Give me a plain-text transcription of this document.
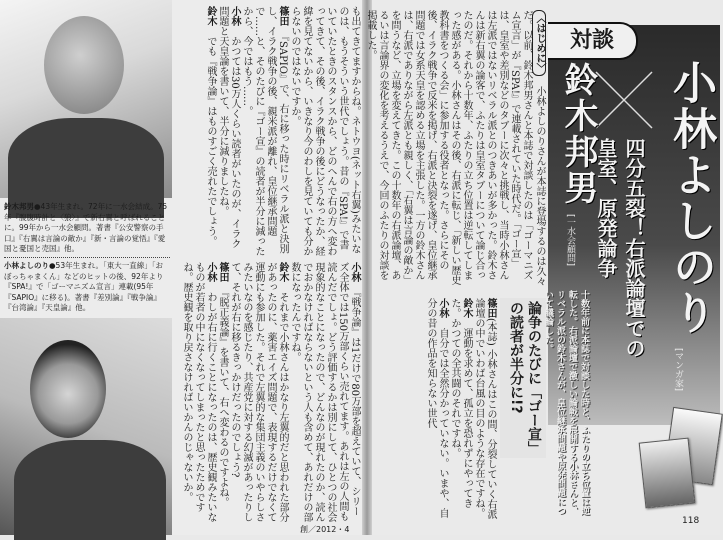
鈴木邦男●43年生まれ。72年に一水会結成。75年『腹腹時計と〈狼〉』で新右翼と呼ばれることに。99年から一水会顧問。著書『公安警察の手口』『右翼は言論の敵か』『新・言論の覚悟』『愛国と憂国と売国』他。
小林よしのり●53年生まれ。「東大一直線」「おぼっちゃまくん」などのヒットの後、92年より『SPA!』で「ゴーマニズム宣言」連載(95年『SAPIO』に移る)。著書『差別論』『戦争論』『台湾論』『天皇論』他。

も出てきてますからね。ネトウヨ(ネット右翼)みたいなのは、もうそういう世代でしょう。昔の『SPA!』で書いていたときのスタンスから、どのへんで右の方へ変わってきて、その後、イラク戦争の後にどうなったか、経緯を見てないから、いきなり今のわしを見ていても分からないのではないですか。

篠田　『SAPIO』で、右に移った時にリベラル派と決別し、イラク戦争の後、親米派が離れ、皇位継承問題で……と、そのたびに『ゴー宣』の読者が半分に減ったから、今ではもう……。

小林　かつては30万人くらい読者がいたのが、イラク問題と天皇論を書いて、半分に減りましたね。

鈴木　でも『戦争論』はものすごく売れたでしょう。

小林　『戦争論』は1だけで80万部を超えていて、シリーズ全体では150万部くらい売れてます。あれは左の人間も読んだでしょ。どう評価するかは別にして、ひとつの社会現象的なことになったので、どんなのが現れたのか、読んでおかなければならないという人も含めて、あれだけの部数になったんですね。

鈴木　それまで小林さんはかなり左翼的だと思われた部分があったのに、薬害エイズ問題で、表現するだけでなくて運動にも参加した。それで左翼的な集団主義のいやらしさみたいなのを感じたり、共産党に対する幻滅があったりして、それが右に移るきっかけだったのでしょう?

篠田　『脱正義論』を書いて、右へ変わるのですよね。

小林　わしが右に行くことになったのは、歴史観みたいなものが若者の中になくなってしまったと思ったためですね。歴史観を取り戻さなければいかんのじゃないか。

創／2012・4

〈はじめに〉　小林よしのりさんが本誌に登場するのは久々だ。以前、鈴木邦男さんと本誌で対談したのは「ゴーマニズム宣言」が『SPA!』で連載されていた時代だ。「ゴー宣」は、皇室や差別などのタブーに次々と挑戦し、当時小林さんは左派ではないリベラル派とのつきあいが多かった。鈴木さんは新右翼の論客で、ふたりは皇室タブーについて論じ合ったのだ。それから十数年、ふたりの立ち位置は逆転してしまった感がある。小林さんはその後、右派に転じ、「新しい歴史教科書をつくる会」に参加する役者となった。さらにその後、イラク戦争で反米を掲げ、右派と決裂を遂げ、皇位継承問題では女系天皇を認める立場を主張した。一方の鈴木さんは、右派でありながら左派とも親しく、「右翼は言論の敵か」を問うなど、立場を変えてきた。この十数年の右派論壇、あるいは言論界の変化を考えるうえで、今回のふたりの対談を掲載した。

論争のたびに「ゴー宣」の読者が半分に!?

篠田(本誌) 小林さんはこの間、分裂していく右派論壇の中でいわば台風の目のような存在ですね。

鈴木　運動を求めて、孤立を恐れずにやってきた。かつての全共闘のそれですね。

小林　自分では全然分かっていない。いまや、自分の昔の作品を知らない世代

対談
小林よしのり
[マンガ家]
鈴木邦男
[一水会顧問] 四分五裂！右派論壇での
皇室、原発論争
十数年前に本誌で対談した時と、ふたりの立ち位置は逆転した。右派論壇で激しい論戦を展開する小林さんと、リベラル派の鈴木さんが、皇位継承問題や原発問題について議論した。
118
